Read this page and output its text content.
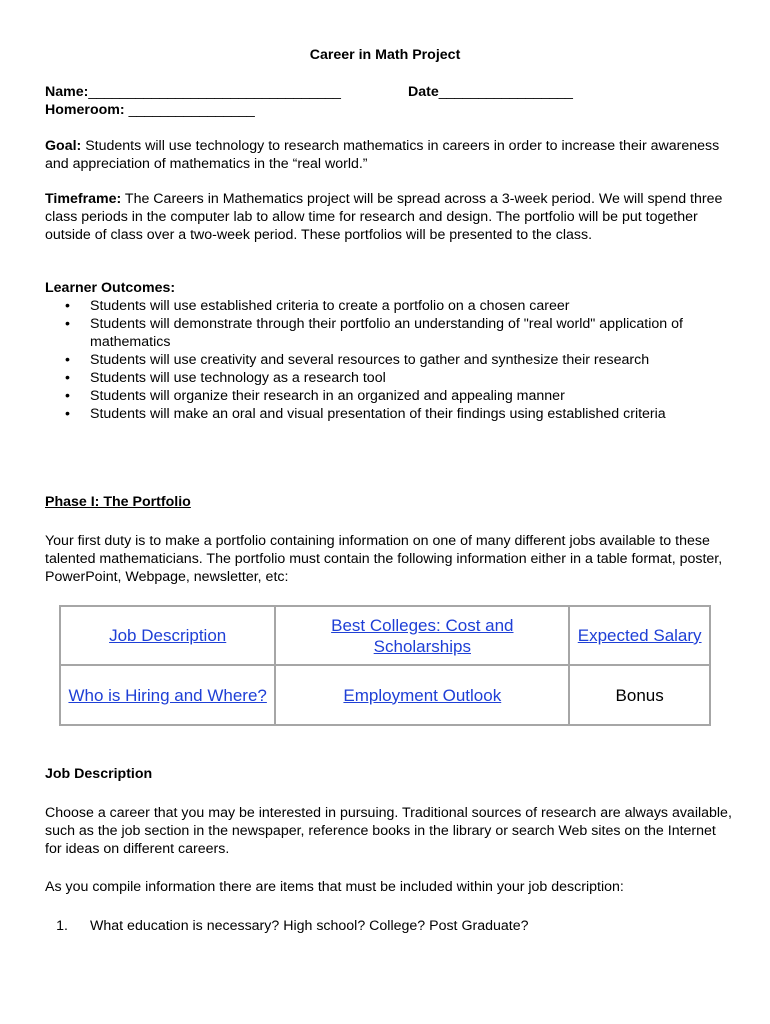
Career in Math Project
Name:________________________________	Date_________________
Homeroom: ________________
Goal: Students will use technology to research mathematics in careers in order to increase their awareness and appreciation of mathematics in the “real world.”
Timeframe: The Careers in Mathematics project will be spread across a 3-week period. We will spend three class periods in the computer lab to allow time for research and design. The portfolio will be put together outside of class over a two-week period. These portfolios will be presented to the class.
Learner Outcomes:
• Students will use established criteria to create a portfolio on a chosen career
• Students will demonstrate through their portfolio an understanding of "real world" application of mathematics
• Students will use creativity and several resources to gather and synthesize their research
• Students will use technology as a research tool
• Students will organize their research in an organized and appealing manner
• Students will make an oral and visual presentation of their findings using established criteria
Phase I: The Portfolio
Your first duty is to make a portfolio containing information on one of many different jobs available to these talented mathematicians. The portfolio must contain the following information either in a table format, poster, PowerPoint, Webpage, newsletter, etc:
Job Description	Best Colleges: Cost and Scholarships	Expected Salary
Who is Hiring and Where?	Employment Outlook	Bonus
Job Description
Choose a career that you may be interested in pursuing. Traditional sources of research are always available, such as the job section in the newspaper, reference books in the library or search Web sites on the Internet for ideas on different careers.
As you compile information there are items that must be included within your job description:
1. What education is necessary? High school? College? Post Graduate?
